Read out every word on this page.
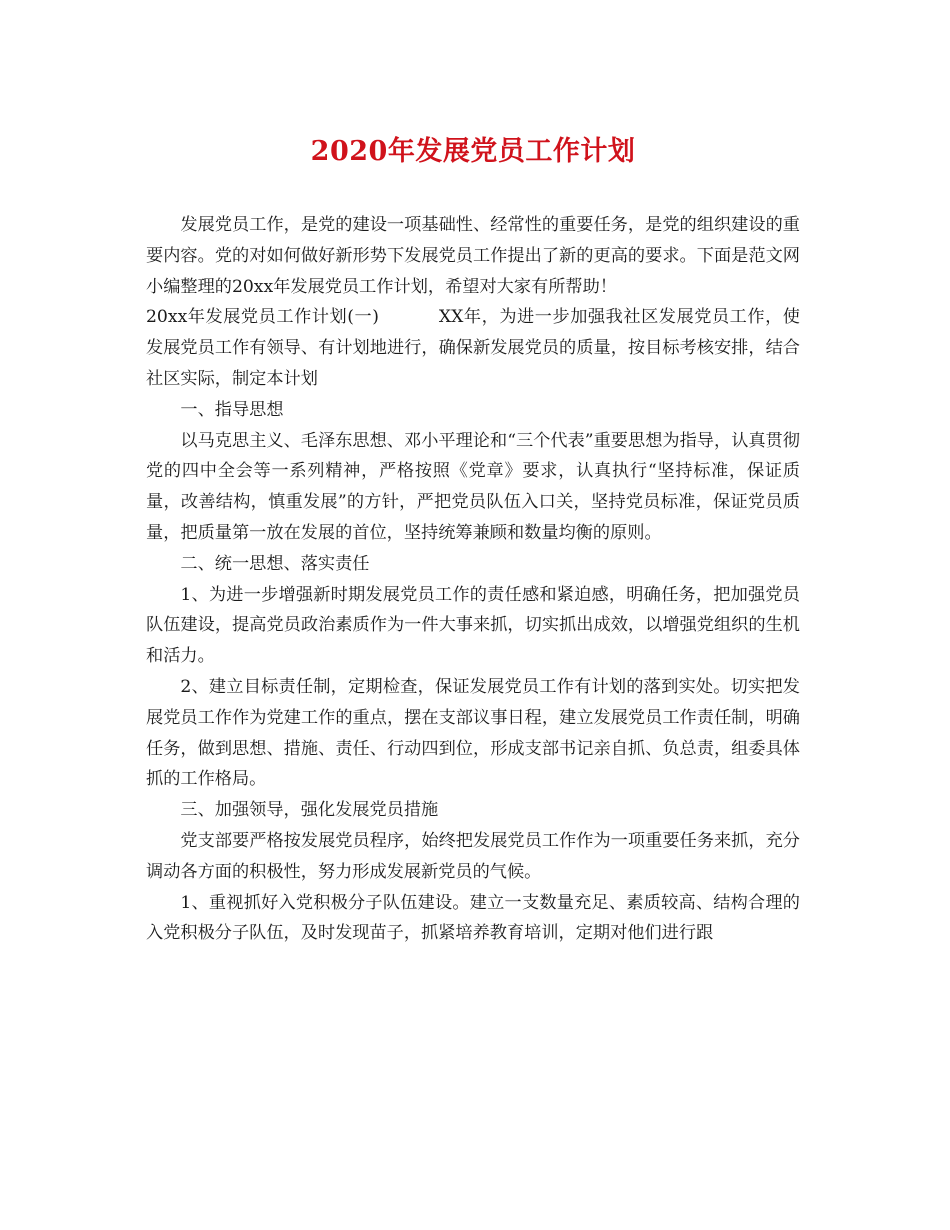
2020年发展党员工作计划

发展党员工作，是党的建设一项基础性、经常性的重要任务，是党的组织建设的重要内容。党的对如何做好新形势下发展党员工作提出了新的更高的要求。下面是范文网小编整理的20xx年发展党员工作计划，希望对大家有所帮助！

20xx年发展党员工作计划(一)	XX年，为进一步加强我社区发展党员工作，使发展党员工作有领导、有计划地进行，确保新发展党员的质量，按目标考核安排，结合社区实际，制定本计划

一、指导思想

以马克思主义、毛泽东思想、邓小平理论和“三个代表”重要思想为指导，认真贯彻党的四中全会等一系列精神，严格按照《党章》要求，认真执行“坚持标准，保证质量，改善结构，慎重发展”的方针，严把党员队伍入口关，坚持党员标准，保证党员质量，把质量第一放在发展的首位，坚持统筹兼顾和数量均衡的原则。

二、统一思想、落实责任

1、为进一步增强新时期发展党员工作的责任感和紧迫感，明确任务，把加强党员队伍建设，提高党员政治素质作为一件大事来抓，切实抓出成效，以增强党组织的生机和活力。

2、建立目标责任制，定期检查，保证发展党员工作有计划的落到实处。切实把发展党员工作作为党建工作的重点，摆在支部议事日程，建立发展党员工作责任制，明确任务，做到思想、措施、责任、行动四到位，形成支部书记亲自抓、负总责，组委具体抓的工作格局。

三、加强领导，强化发展党员措施

党支部要严格按发展党员程序，始终把发展党员工作作为一项重要任务来抓，充分调动各方面的积极性，努力形成发展新党员的气候。

1、重视抓好入党积极分子队伍建设。建立一支数量充足、素质较高、结构合理的入党积极分子队伍，及时发现苗子，抓紧培养教育培训，定期对他们进行跟
